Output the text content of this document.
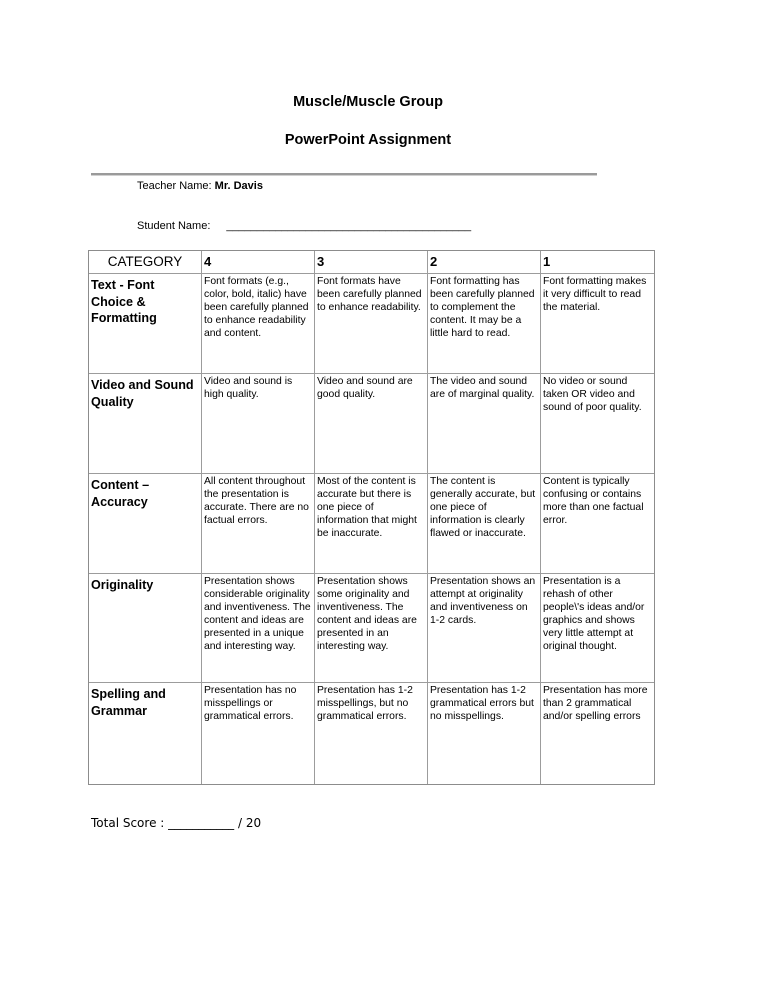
Muscle/Muscle Group
PowerPoint Assignment
Teacher Name: Mr. Davis
Student Name: ________________________________________
CATEGORY	4	3	2	1
Text - Font Choice & Formatting	Font formats (e.g., color, bold, italic) have been carefully planned to enhance readability and content.	Font formats have been carefully planned to enhance readability.	Font formatting has been carefully planned to complement the content. It may be a little hard to read.	Font formatting makes it very difficult to read the material.
Video and Sound Quality	Video and sound is high quality.	Video and sound are good quality.	The video and sound are of marginal quality.	No video or sound taken OR video and sound of poor quality.
Content – Accuracy	All content throughout the presentation is accurate. There are no factual errors.	Most of the content is accurate but there is one piece of information that might be inaccurate.	The content is generally accurate, but one piece of information is clearly flawed or inaccurate.	Content is typically confusing or contains more than one factual error.
Originality	Presentation shows considerable originality and inventiveness. The content and ideas are presented in a unique and interesting way.	Presentation shows some originality and inventiveness. The content and ideas are presented in an interesting way.	Presentation shows an attempt at originality and inventiveness on 1-2 cards.	Presentation is a rehash of other people\'s ideas and/or graphics and shows very little attempt at original thought.
Spelling and Grammar	Presentation has no misspellings or grammatical errors.	Presentation has 1-2 misspellings, but no grammatical errors.	Presentation has 1-2 grammatical errors but no misspellings.	Presentation has more than 2 grammatical and/or spelling errors
Total Score : ___________ / 20
